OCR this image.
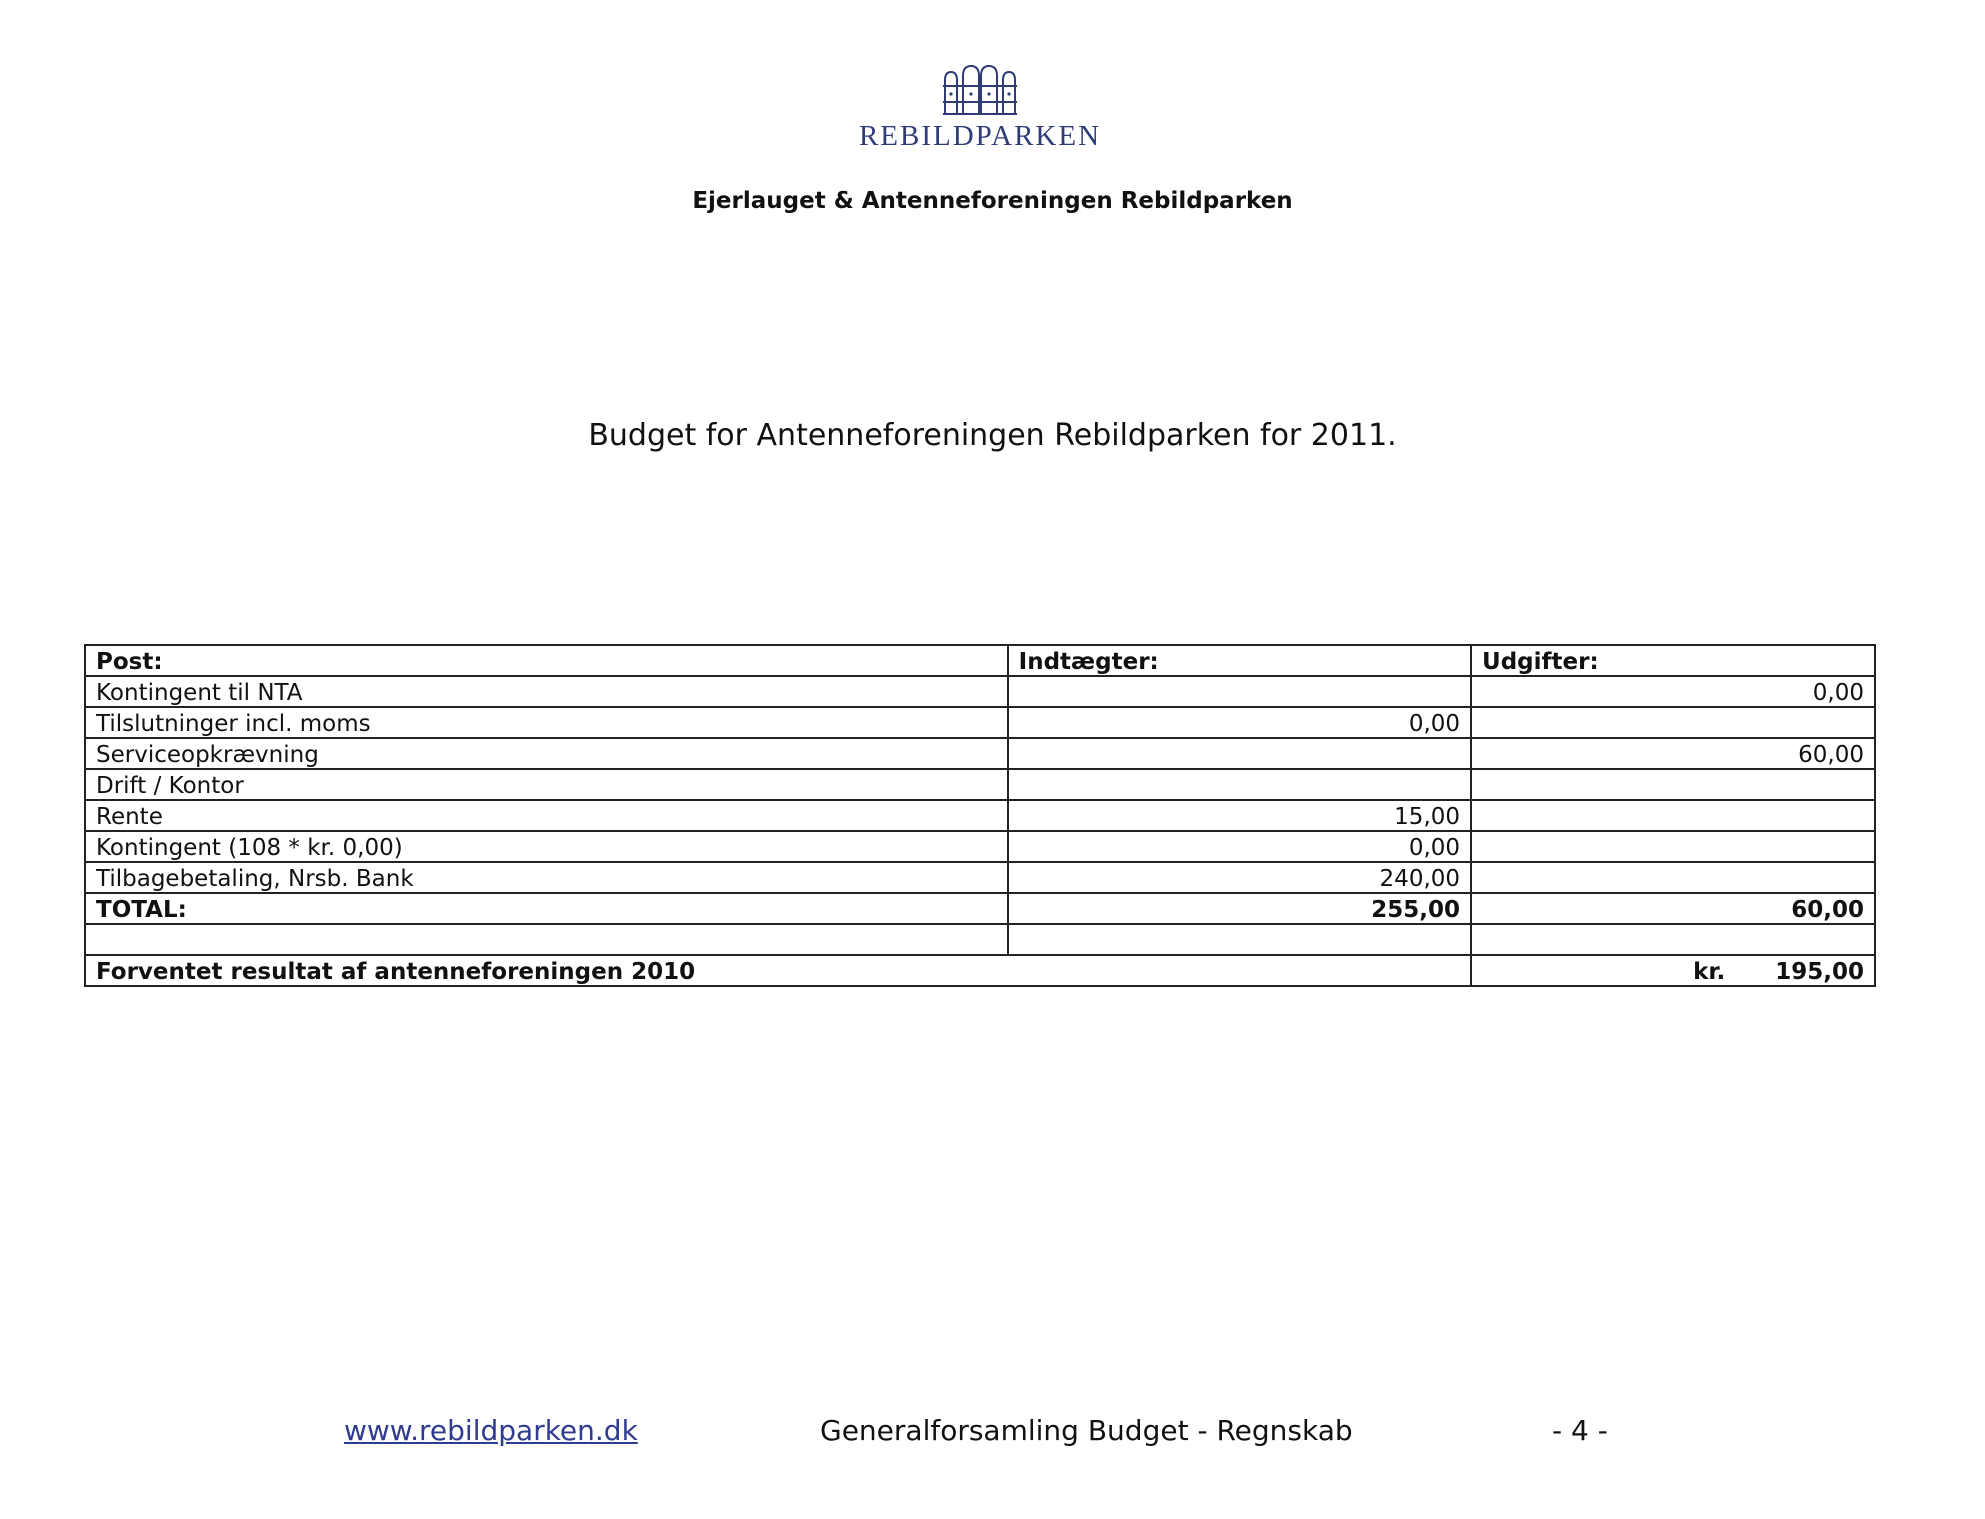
REBILDPARKEN
Ejerlauget & Antenneforeningen Rebildparken
Budget for Antenneforeningen Rebildparken for 2011.
Post:	Indtægter:	Udgifter:
Kontingent til NTA		0,00
Tilslutninger incl. moms	0,00	
Serviceopkrævning		60,00
Drift / Kontor		
Rente	15,00	
Kontingent (108 * kr. 0,00)	0,00	
Tilbagebetaling, Nrsb. Bank	240,00	
TOTAL:	255,00	60,00

Forventet resultat af antenneforeningen 2010		kr. 195,00
www.rebildparken.dk	Generalforsamling Budget - Regnskab	- 4 -
